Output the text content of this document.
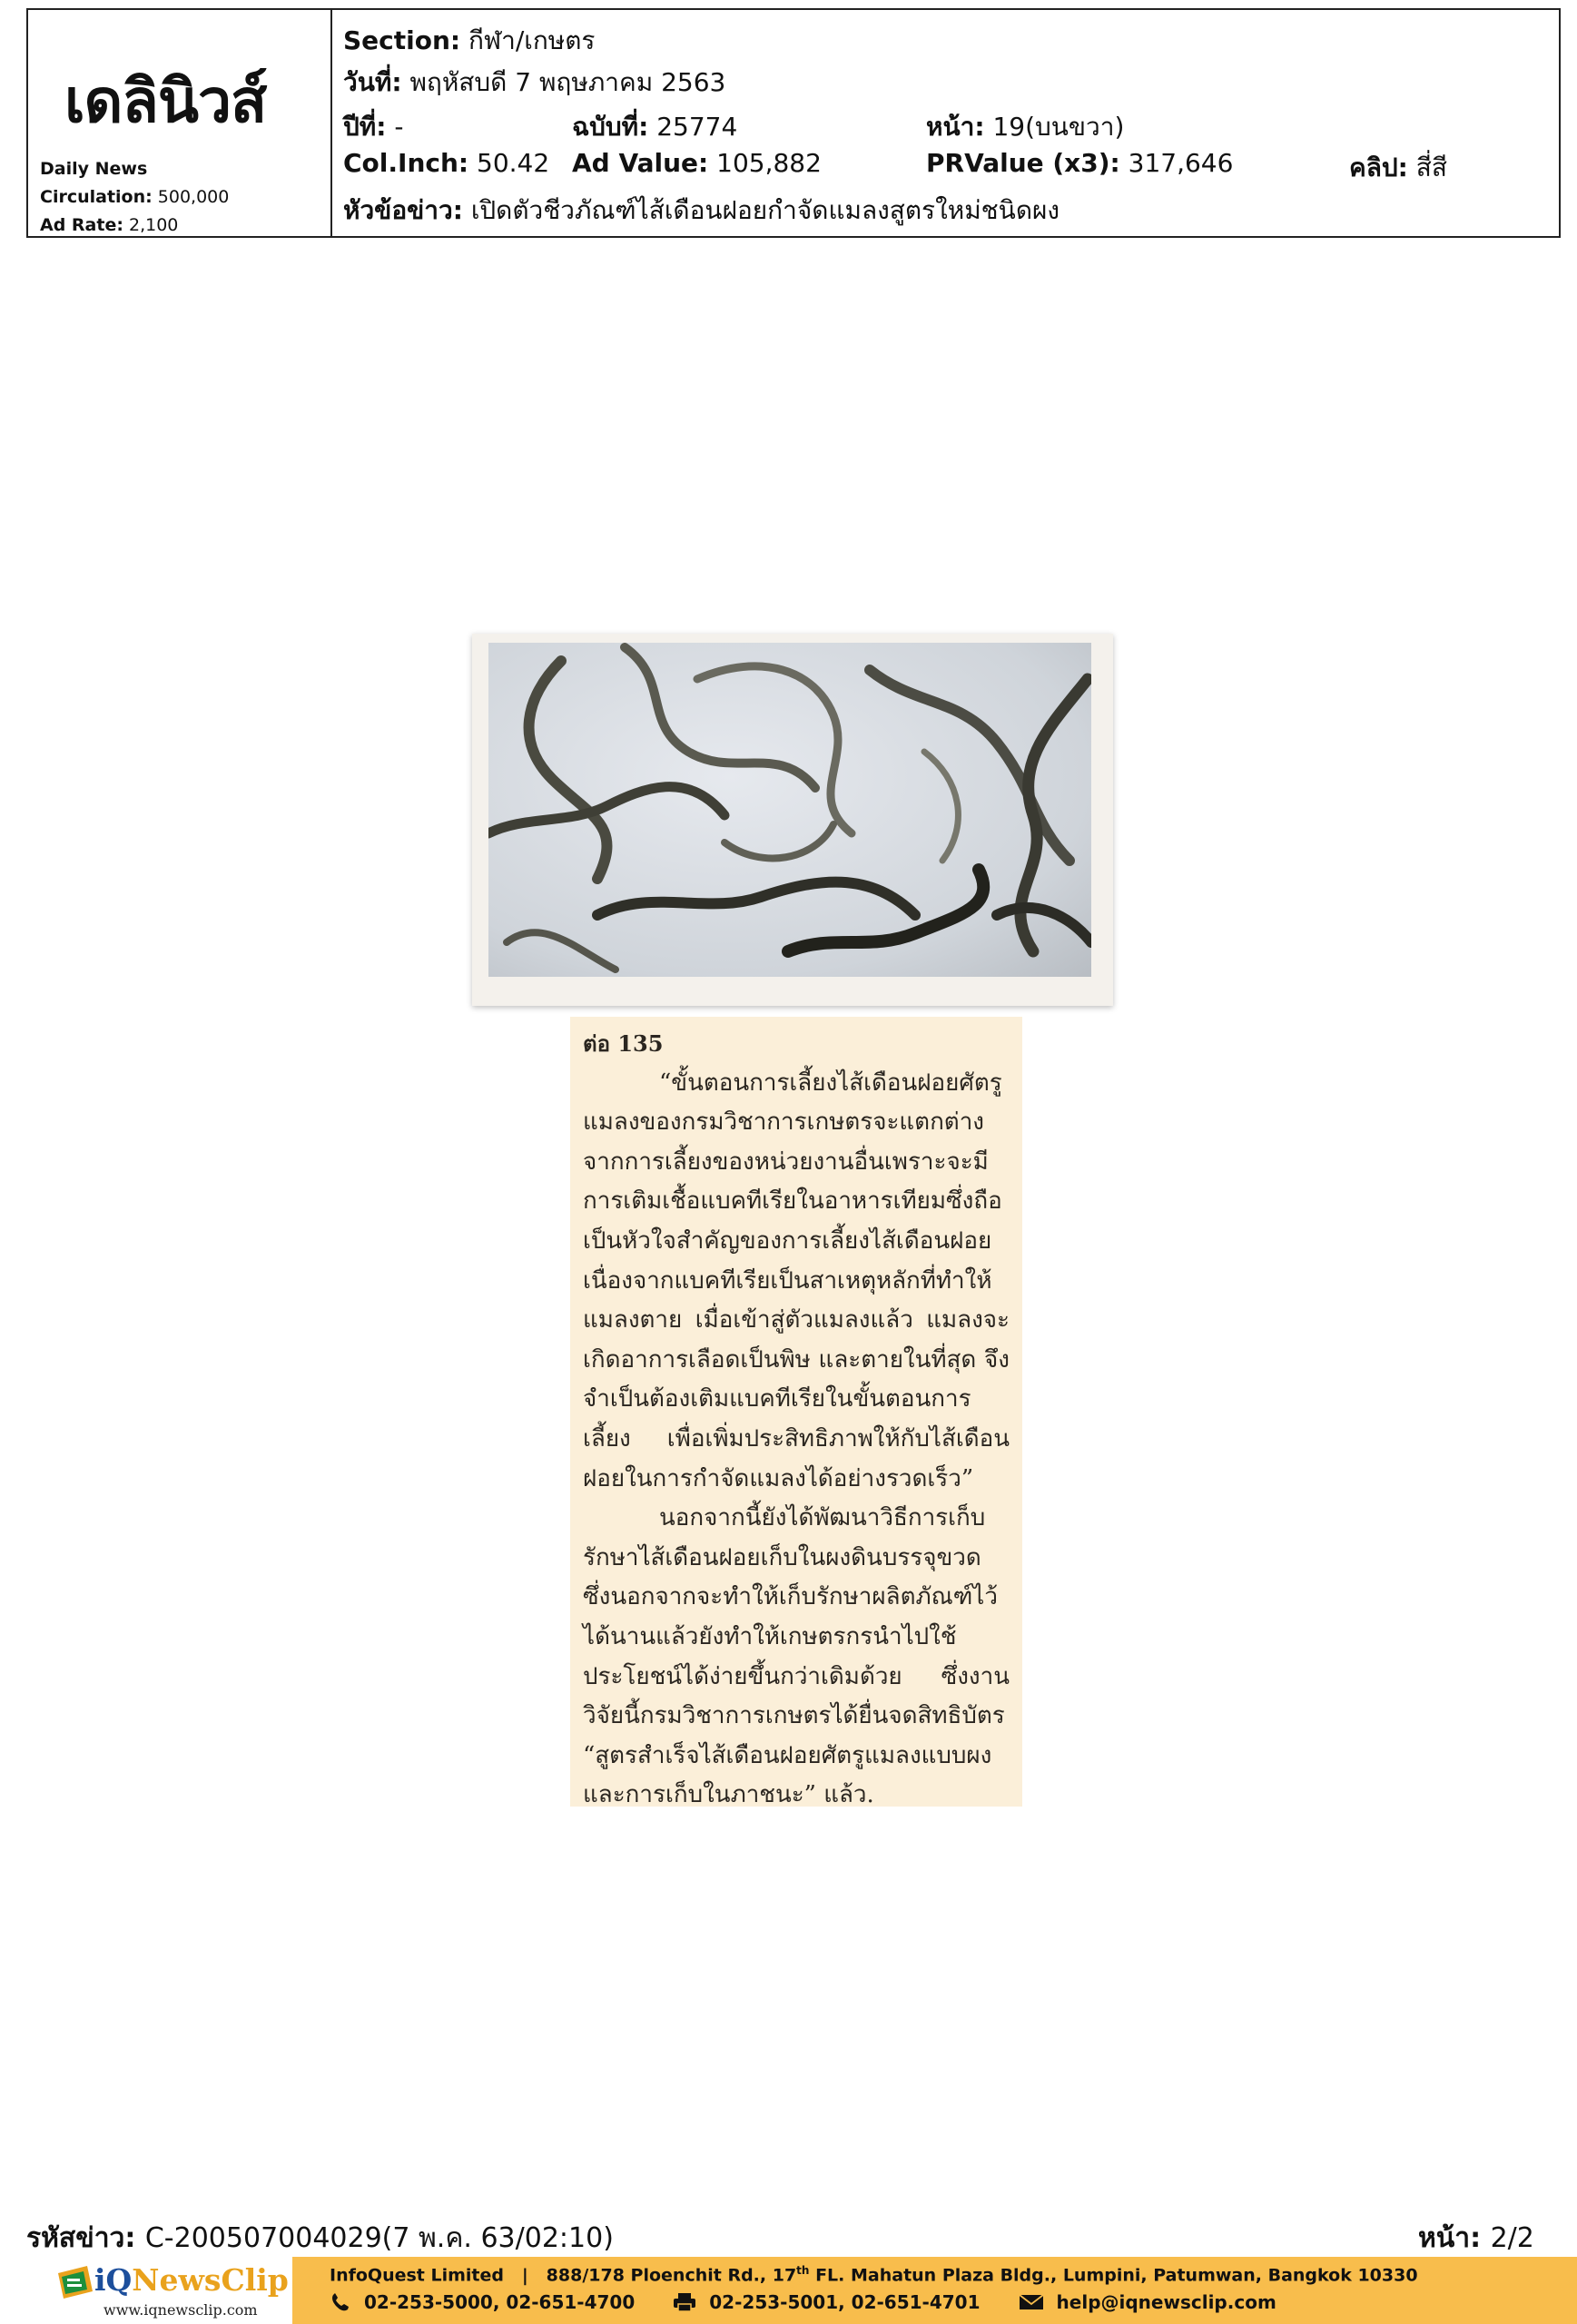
เดลินิวส์
Daily News
Circulation: 500,000
Ad Rate: 2,100
Section: กีฬา/เกษตร
วันที่: พฤหัสบดี 7 พฤษภาคม 2563
ปีที่: -	ฉบับที่: 25774	หน้า: 19(บนขวา)
Col.Inch: 50.42 Ad Value: 105,882	PRValue (x3): 317,646	คลิป: สี่สี
หัวข้อข่าว: เปิดตัวชีวภัณฑ์ไส้เดือนฝอยกำจัดแมลงสูตรใหม่ชนิดผง
ต่อ 135

“ขั้นตอนการเลี้ยงไส้เดือนฝอยศัตรูแมลงของกรมวิชาการเกษตรจะแตกต่างจากการเลี้ยงของหน่วยงานอื่นเพราะจะมีการเติมเชื้อแบคทีเรียในอาหารเทียมซึ่งถือเป็นหัวใจสำคัญของการเลี้ยงไส้เดือนฝอย เนื่องจากแบคทีเรียเป็นสาเหตุหลักที่ทำให้แมลงตาย เมื่อเข้าสู่ตัวแมลงแล้ว แมลงจะเกิดอาการเลือดเป็นพิษ และตายในที่สุด จึงจำเป็นต้องเติมแบคทีเรียในขั้นตอนการเลี้ยง เพื่อเพิ่มประสิทธิภาพให้กับไส้เดือนฝอยในการกำจัดแมลงได้อย่างรวดเร็ว”

นอกจากนี้ยังได้พัฒนาวิธีการเก็บรักษาไส้เดือนฝอยเก็บในผงดินบรรจุขวด ซึ่งนอกจากจะทำให้เก็บรักษาผลิตภัณฑ์ไว้ได้นานแล้วยังทำให้เกษตรกรนำไปใช้ประโยชน์ได้ง่ายขึ้นกว่าเดิมด้วย ซึ่งงานวิจัยนี้กรมวิชาการเกษตรได้ยื่นจดสิทธิบัตร “สูตรสำเร็จไส้เดือนฝอยศัตรูแมลงแบบผง และการเก็บในภาชนะ” แล้ว.

รหัสข่าว: C-200507004029(7 พ.ค. 63/02:10)	หน้า: 2/2
iQNewsClip
www.iqnewsclip.com
InfoQuest Limited | 888/178 Ploenchit Rd., 17th FL. Mahatun Plaza Bldg., Lumpini, Patumwan, Bangkok 10330
02-253-5000, 02-651-4700	02-253-5001, 02-651-4701	help@iqnewsclip.com
